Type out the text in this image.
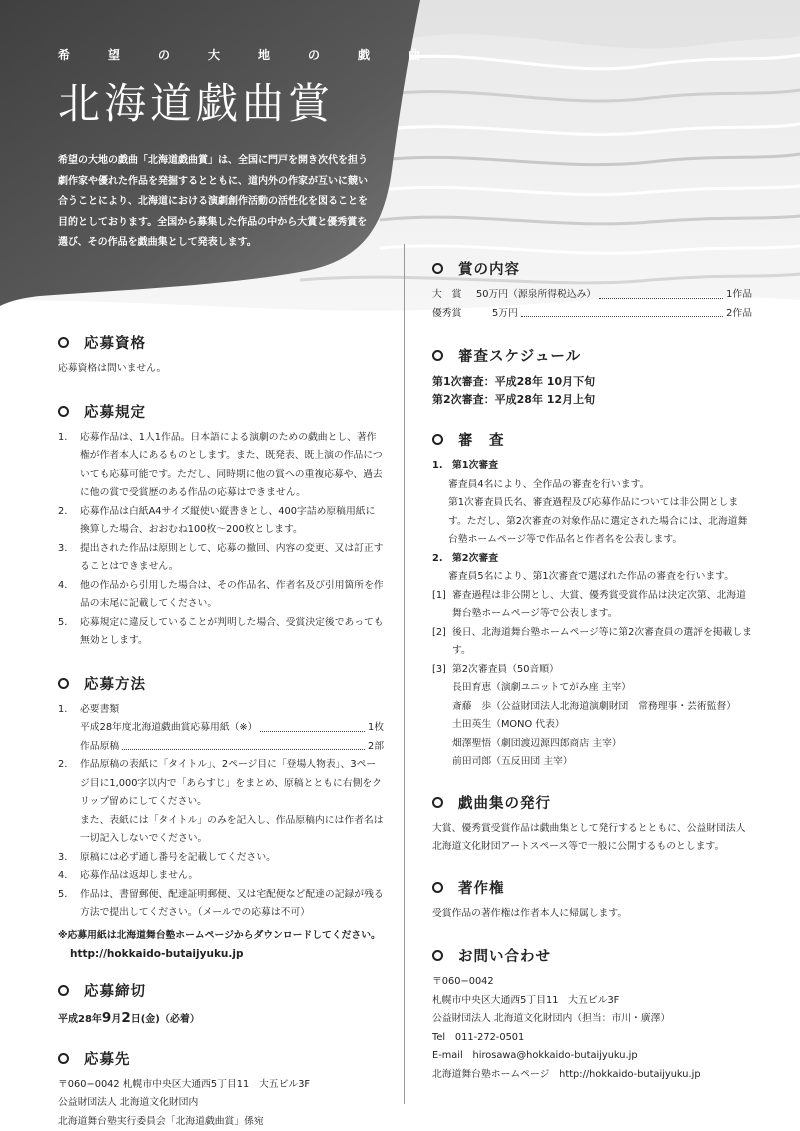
希　望　の　大　地　の　戯　曲
北海道戯曲賞
希望の大地の戯曲「北海道戯曲賞」は、全国に門戸を開き次代を担う劇作家や優れた作品を発掘するとともに、道内外の作家が互いに競い合うことにより、北海道における演劇創作活動の活性化を図ることを目的としております。全国から募集した作品の中から大賞と優秀賞を選び、その作品を戯曲集として発表します。
応募資格
応募資格は問いません。
応募規定
1.	応募作品は、1人1作品。日本語による演劇のための戯曲とし、著作権が作者本人にあるものとします。また、既発表、既上演の作品についても応募可能です。ただし、同時期に他の賞への重複応募や、過去に他の賞で受賞歴のある作品の応募はできません。
2.	応募作品は白紙A4サイズ縦使い縦書きとし、400字詰め原稿用紙に換算した場合、おおむね100枚〜200枚とします。
3.	提出された作品は原則として、応募の撤回、内容の変更、又は訂正することはできません。
4.	他の作品から引用した場合は、その作品名、作者名及び引用箇所を作品の末尾に記載してください。
5.	応募規定に違反していることが判明した場合、受賞決定後であっても無効とします。
応募方法
1.	必要書類
平成28年度北海道戯曲賞応募用紙（※）	1枚
作品原稿	2部
2.	作品原稿の表紙に「タイトル」、2ページ目に「登場人物表」、3ページ目に1,000字以内で「あらすじ」をまとめ、原稿とともに右側をクリップ留めにしてください。
また、表紙には「タイトル」のみを記入し、作品原稿内には作者名は一切記入しないでください。
3.	原稿には必ず通し番号を記載してください。
4.	応募作品は返却しません。
5.	作品は、書留郵便、配達証明郵便、又は宅配便など配達の記録が残る方法で提出してください。（メールでの応募は不可）
※応募用紙は北海道舞台塾ホームページからダウンロードしてください。
http://hokkaido-butaijyuku.jp
応募締切
平成28年9月2日(金)（必着）
応募先
〒060−0042 札幌市中央区大通西5丁目11　大五ビル3F
公益財団法人 北海道文化財団内
北海道舞台塾実行委員会「北海道戯曲賞」係宛
賞の内容
大　賞	50万円（源泉所得税込み）	1作品
優秀賞	5万円	2作品
審査スケジュール
第1次審査：平成28年 10月下旬
第2次審査：平成28年 12月上旬
審　査
1. 第1次審査
審査員4名により、全作品の審査を行います。
第1次審査員氏名、審査過程及び応募作品については非公開とします。ただし、第2次審査の対象作品に選定された場合には、北海道舞台塾ホームページ等で作品名と作者名を公表します。
2. 第2次審査
審査員5名により、第1次審査で選ばれた作品の審査を行います。
[1] 審査過程は非公開とし、大賞、優秀賞受賞作品は決定次第、北海道舞台塾ホームページ等で公表します。
[2] 後日、北海道舞台塾ホームページ等に第2次審査員の選評を掲載します。
[3] 第2次審査員（50音順）
長田育恵（演劇ユニットてがみ座 主宰）
斎藤　歩（公益財団法人北海道演劇財団　常務理事・芸術監督）
土田英生（MONO 代表）
畑澤聖悟（劇団渡辺源四郎商店 主宰）
前田司郎（五反田団 主宰）
戯曲集の発行
大賞、優秀賞受賞作品は戯曲集として発行するとともに、公益財団法人北海道文化財団アートスペース等で一般に公開するものとします。
著作権
受賞作品の著作権は作者本人に帰属します。
お問い合わせ
〒060−0042
札幌市中央区大通西5丁目11　大五ビル3F
公益財団法人 北海道文化財団内（担当：市川・廣澤）
Tel　011-272-0501
E-mail　hirosawa@hokkaido-butaijyuku.jp
北海道舞台塾ホームページ　http://hokkaido-butaijyuku.jp
